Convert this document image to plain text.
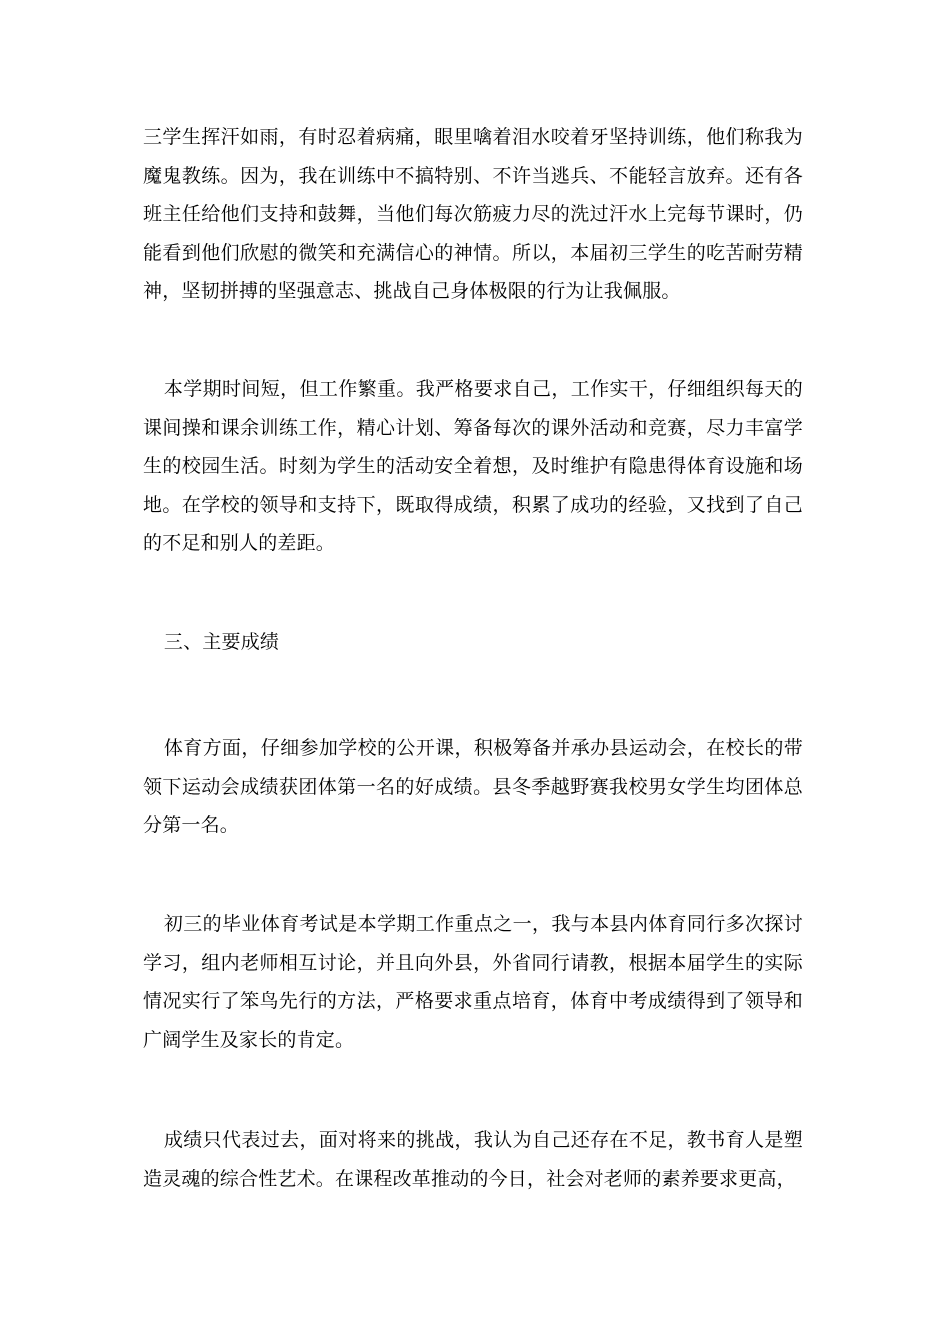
三学生挥汗如雨，有时忍着病痛，眼里噙着泪水咬着牙坚持训练，他们称我为魔鬼教练。因为，我在训练中不搞特别、不许当逃兵、不能轻言放弃。还有各班主任给他们支持和鼓舞，当他们每次筋疲力尽的洗过汗水上完每节课时，仍能看到他们欣慰的微笑和充满信心的神情。所以，本届初三学生的吃苦耐劳精神，坚韧拼搏的坚强意志、挑战自己身体极限的行为让我佩服。

本学期时间短，但工作繁重。我严格要求自己，工作实干，仔细组织每天的课间操和课余训练工作，精心计划、筹备每次的课外活动和竞赛，尽力丰富学生的校园生活。时刻为学生的活动安全着想，及时维护有隐患得体育设施和场地。在学校的领导和支持下，既取得成绩，积累了成功的经验，又找到了自己的不足和别人的差距。

三、主要成绩

体育方面，仔细参加学校的公开课，积极筹备并承办县运动会，在校长的带领下运动会成绩获团体第一名的好成绩。县冬季越野赛我校男女学生均团体总分第一名。

初三的毕业体育考试是本学期工作重点之一，我与本县内体育同行多次探讨学习，组内老师相互讨论，并且向外县，外省同行请教，根据本届学生的实际情况实行了笨鸟先行的方法，严格要求重点培育，体育中考成绩得到了领导和广阔学生及家长的肯定。

成绩只代表过去，面对将来的挑战，我认为自己还存在不足，教书育人是塑造灵魂的综合性艺术。在课程改革推动的今日，社会对老师的素养要求更高，
